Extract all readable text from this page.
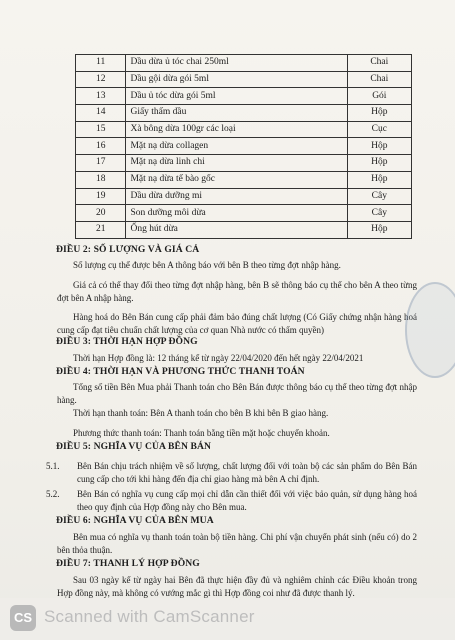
11	Dầu dừa ủ tóc chai 250ml	Chai
12	Dầu gội dừa gói 5ml	Chai
13	Dầu ủ tóc dừa gói 5ml	Gói
14	Giấy thấm dầu	Hộp
15	Xà bông dừa 100gr các loại	Cục
16	Mặt nạ dừa collagen	Hộp
17	Mặt nạ dừa linh chi	Hộp
18	Mặt nạ dừa tế bào gốc	Hộp
19	Dầu dừa dưỡng mi	Cây
20	Son dưỡng môi dừa	Cây
21	Ống hút dừa	Hộp
ĐIỀU 2: SỐ LƯỢNG VÀ GIÁ CẢ
Số lượng cụ thể được bên A thông báo với bên B theo từng đợt nhập hàng.
Giá cả có thể thay đổi theo từng đợt nhập hàng, bên B sẽ thông báo cụ thể cho bên A theo từng đợt bên A nhập hàng.
Hàng hoá do Bên Bán cung cấp phải đảm bảo đúng chất lượng (Có Giấy chứng nhận hàng hoá cung cấp đạt tiêu chuẩn chất lượng của cơ quan Nhà nước có thẩm quyền)
ĐIỀU 3: THỜI HẠN HỢP ĐỒNG
Thời hạn Hợp đồng là: 12 tháng kể từ ngày 22/04/2020 đến hết ngày 22/04/2021
ĐIỀU 4: THỜI HẠN VÀ PHƯƠNG THỨC THANH TOÁN
Tổng số tiền Bên Mua phải Thanh toán cho Bên Bán được thông báo cụ thể theo từng đợt nhập hàng.
Thời hạn thanh toán: Bên A thanh toán cho bên B khi bên B giao hàng.
Phương thức thanh toán: Thanh toán bằng tiền mặt hoặc chuyển khoản.
ĐIỀU 5: NGHĨA VỤ CỦA BÊN BÁN
5.1.	Bên Bán chịu trách nhiệm về số lượng, chất lượng đối với toàn bộ các sản phẩm do Bên Bán cung cấp cho tới khi hàng đến địa chỉ giao hàng mà bên A chỉ định.
5.2.	Bên Bán có nghĩa vụ cung cấp mọi chỉ dẫn cần thiết đối với việc bảo quản, sử dụng hàng hoá theo quy định của Hợp đồng này cho Bên mua.
ĐIỀU 6: NGHĨA VỤ CỦA BÊN MUA
Bên mua có nghĩa vụ thanh toán toàn bộ tiền hàng. Chi phí vận chuyển phát sinh (nếu có) do 2 bên thỏa thuận.
ĐIỀU 7: THANH LÝ HỢP ĐỒNG
Sau 03 ngày kể từ ngày hai Bên đã thực hiện đầy đủ và nghiêm chỉnh các Điều khoản trong Hợp đồng này, mà không có vướng mắc gì thì Hợp đồng coi như đã được thanh lý.
CS Scanned with CamScanner
